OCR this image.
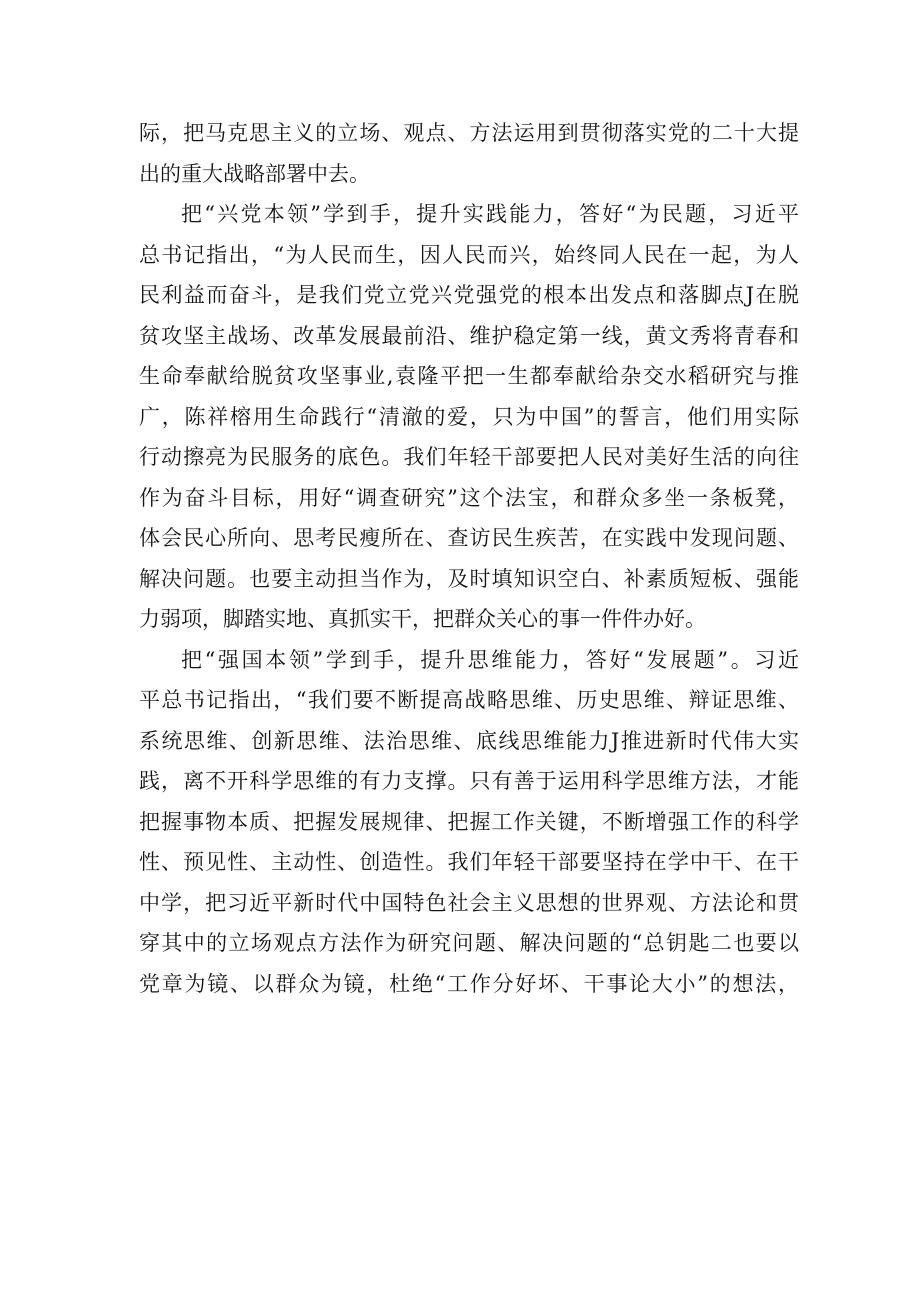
际，把马克思主义的立场、观点、方法运用到贯彻落实党的二十大提
出的重大战略部署中去。

把“兴党本领”学到手，提升实践能力，答好“为民题，习近平
总书记指出，“为人民而生，因人民而兴，始终同人民在一起，为人
民利益而奋斗，是我们党立党兴党强党的根本出发点和落脚点J在脱
贫攻坚主战场、改革发展最前沿、维护稳定第一线，黄文秀将青春和
生命奉献给脱贫攻坚事业,袁隆平把一生都奉献给杂交水稻研究与推
广，陈祥榕用生命践行“清澈的爱，只为中国”的誓言，他们用实际
行动擦亮为民服务的底色。我们年轻干部要把人民对美好生活的向往
作为奋斗目标，用好“调查研究”这个法宝，和群众多坐一条板凳，
体会民心所向、思考民瘦所在、查访民生疾苦，在实践中发现问题、
解决问题。也要主动担当作为，及时填知识空白、补素质短板、强能
力弱项，脚踏实地、真抓实干，把群众关心的事一件件办好。

把“强国本领”学到手，提升思维能力，答好“发展题”。习近
平总书记指出，“我们要不断提高战略思维、历史思维、辩证思维、
系统思维、创新思维、法治思维、底线思维能力J推进新时代伟大实
践，离不开科学思维的有力支撑。只有善于运用科学思维方法，才能
把握事物本质、把握发展规律、把握工作关键，不断增强工作的科学
性、预见性、主动性、创造性。我们年轻干部要坚持在学中干、在干
中学，把习近平新时代中国特色社会主义思想的世界观、方法论和贯
穿其中的立场观点方法作为研究问题、解决问题的“总钥匙二也要以
党章为镜、以群众为镜，杜绝“工作分好坏、干事论大小”的想法，
